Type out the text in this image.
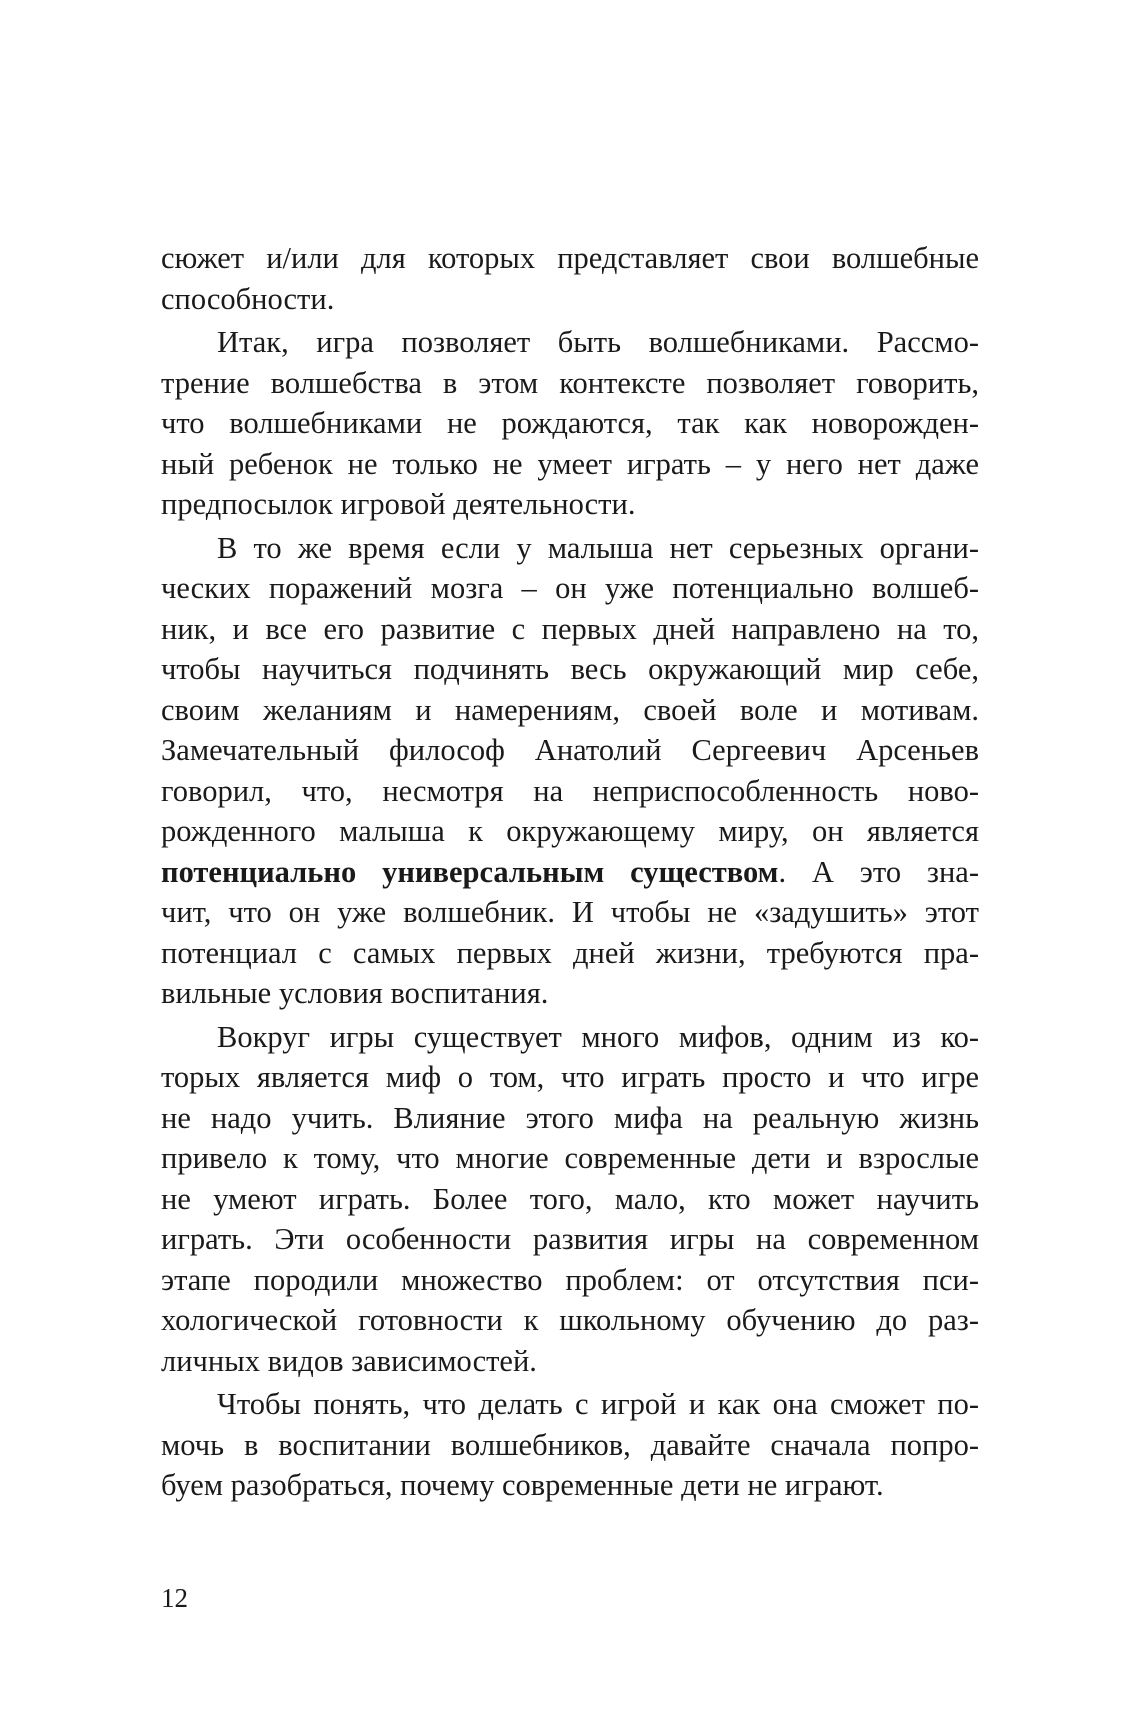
сюжет и/или для которых представляет свои волшебные
способности.
Итак, игра позволяет быть волшебниками. Рассмо-
трение волшебства в этом контексте позволяет говорить,
что волшебниками не рождаются, так как новорожден-
ный ребенок не только не умеет играть – у него нет даже
предпосылок игровой деятельности.
В то же время если у малыша нет серьезных органи-
ческих поражений мозга – он уже потенциально волшеб-
ник, и все его развитие с первых дней направлено на то,
чтобы научиться подчинять весь окружающий мир себе,
своим желаниям и намерениям, своей воле и мотивам.
Замечательный философ Анатолий Сергеевич Арсеньев
говорил, что, несмотря на неприспособленность ново-
рожденного малыша к окружающему миру, он является
потенциально универсальным существом. А это зна-
чит, что он уже волшебник. И чтобы не «задушить» этот
потенциал с самых первых дней жизни, требуются пра-
вильные условия воспитания.
Вокруг игры существует много мифов, одним из ко-
торых является миф о том, что играть просто и что игре
не надо учить. Влияние этого мифа на реальную жизнь
привело к тому, что многие современные дети и взрослые
не умеют играть. Более того, мало, кто может научить
играть. Эти особенности развития игры на современном
этапе породили множество проблем: от отсутствия пси-
хологической готовности к школьному обучению до раз-
личных видов зависимостей.
Чтобы понять, что делать с игрой и как она сможет по-
мочь в воспитании волшебников, давайте сначала попро-
буем разобраться, почему современные дети не играют.
12
